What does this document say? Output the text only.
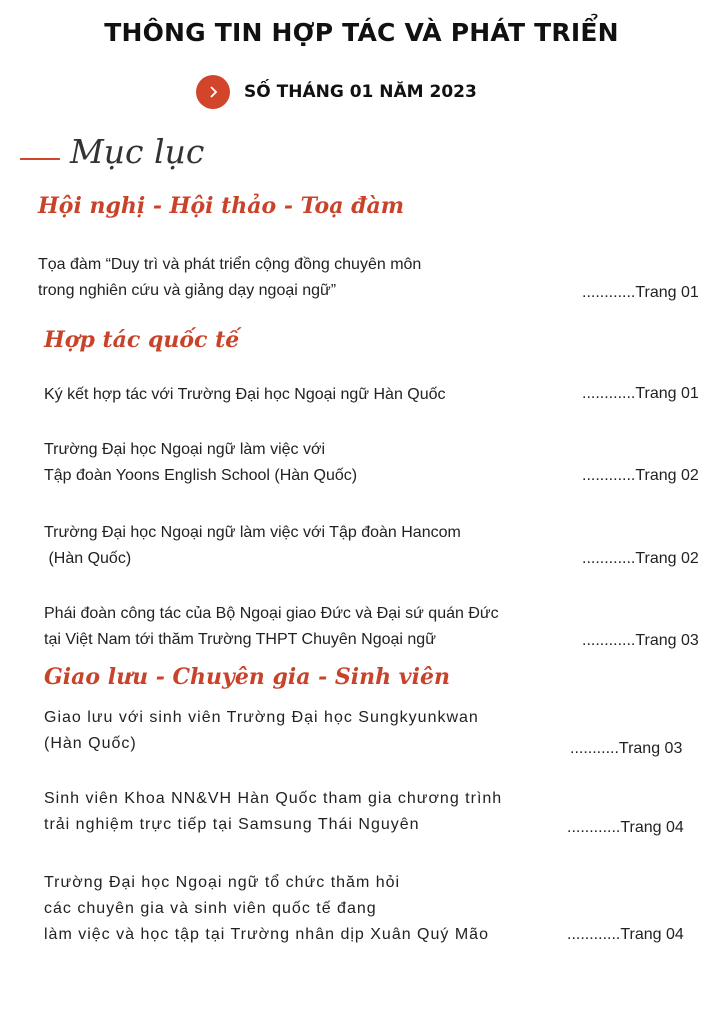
THÔNG TIN HỢP TÁC VÀ PHÁT TRIỂN
SỐ THÁNG 01 NĂM 2023
Mục lục
Hội nghị - Hội thảo - Toạ đàm
Tọa đàm “Duy trì và phát triển cộng đồng chuyên môn
trong nghiên cứu và giảng dạy ngoại ngữ”	............Trang 01
Hợp tác quốc tế
Ký kết hợp tác với Trường Đại học Ngoại ngữ Hàn Quốc	............Trang 01
Trường Đại học Ngoại ngữ làm việc với
Tập đoàn Yoons English School (Hàn Quốc)	............Trang 02
Trường Đại học Ngoại ngữ làm việc với Tập đoàn Hancom
(Hàn Quốc)	............Trang 02
Phái đoàn công tác của Bộ Ngoại giao Đức và Đại sứ quán Đức
tại Việt Nam tới thăm Trường THPT Chuyên Ngoại ngữ	............Trang 03
Giao lưu - Chuyên gia - Sinh viên
Giao lưu với sinh viên Trường Đại học Sungkyunkwan
(Hàn Quốc)	...........Trang 03
Sinh viên Khoa NN&VH Hàn Quốc tham gia chương trình
trải nghiệm trực tiếp tại Samsung Thái Nguyên	............Trang 04
Trường Đại học Ngoại ngữ tổ chức thăm hỏi
các chuyên gia và sinh viên quốc tế đang
làm việc và học tập tại Trường nhân dịp Xuân Quý Mão	............Trang 04
